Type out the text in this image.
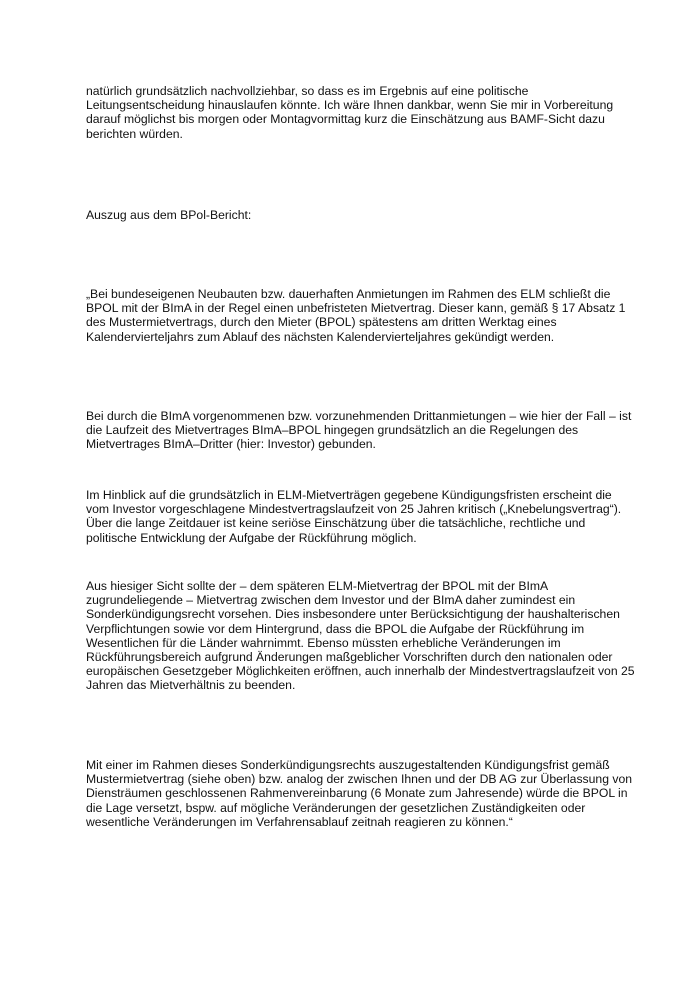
natürlich grundsätzlich nachvollziehbar, so dass es im Ergebnis auf eine politische
Leitungsentscheidung hinauslaufen könnte. Ich wäre Ihnen dankbar, wenn Sie mir in Vorbereitung
darauf möglichst bis morgen oder Montagvormittag kurz die Einschätzung aus BAMF-Sicht dazu
berichten würden.
Auszug aus dem BPol-Bericht:
„Bei bundeseigenen Neubauten bzw. dauerhaften Anmietungen im Rahmen des ELM schließt die
BPOL mit der BImA in der Regel einen unbefristeten Mietvertrag. Dieser kann, gemäß § 17 Absatz 1
des Mustermietvertrags, durch den Mieter (BPOL) spätestens am dritten Werktag eines
Kalendervierteljahrs zum Ablauf des nächsten Kalendervierteljahres gekündigt werden.
Bei durch die BImA vorgenommenen bzw. vorzunehmenden Drittanmietungen – wie hier der Fall – ist
die Laufzeit des Mietvertrages BImA–BPOL hingegen grundsätzlich an die Regelungen des
Mietvertrages BImA–Dritter (hier: Investor) gebunden.
Im Hinblick auf die grundsätzlich in ELM-Mietverträgen gegebene Kündigungsfristen erscheint die
vom Investor vorgeschlagene Mindestvertragslaufzeit von 25 Jahren kritisch („Knebelungsvertrag“).
Über die lange Zeitdauer ist keine seriöse Einschätzung über die tatsächliche, rechtliche und
politische Entwicklung der Aufgabe der Rückführung möglich.
Aus hiesiger Sicht sollte der – dem späteren ELM-Mietvertrag der BPOL mit der BImA
zugrundeliegende – Mietvertrag zwischen dem Investor und der BImA daher zumindest ein
Sonderkündigungsrecht vorsehen. Dies insbesondere unter Berücksichtigung der haushalterischen
Verpflichtungen sowie vor dem Hintergrund, dass die BPOL die Aufgabe der Rückführung im
Wesentlichen für die Länder wahrnimmt. Ebenso müssten erhebliche Veränderungen im
Rückführungsbereich aufgrund Änderungen maßgeblicher Vorschriften durch den nationalen oder
europäischen Gesetzgeber Möglichkeiten eröffnen, auch innerhalb der Mindestvertragslaufzeit von 25
Jahren das Mietverhältnis zu beenden.
Mit einer im Rahmen dieses Sonderkündigungsrechts auszugestaltenden Kündigungsfrist gemäß
Mustermietvertrag (siehe oben) bzw. analog der zwischen Ihnen und der DB AG zur Überlassung von
Diensträumen geschlossenen Rahmenvereinbarung (6 Monate zum Jahresende) würde die BPOL in
die Lage versetzt, bspw. auf mögliche Veränderungen der gesetzlichen Zuständigkeiten oder
wesentliche Veränderungen im Verfahrensablauf zeitnah reagieren zu können.“
